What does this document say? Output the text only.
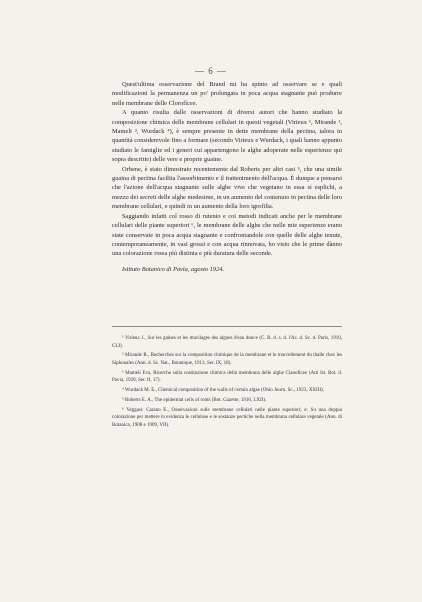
— 6 —

Quest'ultima osservazione del Brand mi ha spinto ad osservare se e quali modificazioni la permanenza un po' prolungata in poca acqua stagnante può produrre nelle membrane delle Clorofícee.

A quanto risulta dalle osservazioni di diversi autori che hanno studiato la composizione chimica delle membrane cellulari in questi vegetali (Virieux ¹, Mirande ², Mameli ³, Wurdack ⁴), è sempre presente in dette membrane della pectina, talora in quantità considerevole fino a formare (secondo Virieux e Wurdack, i quali hanno appunto studiato le famiglie ed i generi cui appartengono le alghe adoperate nelle esperienze qui sopra descritte) delle vere e proprie guaine.

Orbene, è stato dimostrato recentemente dal Roberts per altri casi ⁵, che una simile guaina di pectina facilita l'assorbimento e il trattenimento dell'acqua. È dunque a pensarsi che l'azione dell'acqua stagnante sulle alghe vive che vegetano in essa si esplichi, a mezzo dei secreti delle alghe medesime, in un aumento del contenuto in pectina delle loro membrane cellulari, e quindi in un aumento della loro igrofilia.

Saggiando infatti col rosso di rutenio e coi metodi indicati anche per le membrane cellulari delle piante superiori ⁶, le membrane delle alghe che nelle mie esperienze erano state conservate in poca acqua stagnante e confrontandole con quelle delle alghe tenute, contemporaneamente, in vasi grossi e con acqua rinnovata, ho visto che le prime dànno una colorazione rossa più distinta e più duratura delle seconde.

Istituto Botanico di Pavia, agosto 1924.

¹ Virieux J., Sur les gaines et les mucilages des algues d'eau douce (C. R. d. s. d. l'Ac. d. Sc. d. Paris, 1910, CLI).

² Mirande R., Recherches sur la composition chimique de la membrane et le morcellement du thalle chez les Siphonales (Ann. d. Sc. Nat., Botanique, 1913, Ser. IX, 18).

³ Mameli Eva, Ricerche sulla costituzione chimica della membrana delle alghe Cianoficee (Atti Ist. Bot. d. Pavia, 1920, Ser. II, 17).

⁴ Wurdack M. E., Chemical composition of the walls of certain algae (Ohio Journ. Sc., 1923, XXIII).

⁵ Roberts E. A., The epidermal cells of roots (Bot. Gazette, 1916, LXII).

⁶ Veggasi: Carano E., Osservazioni sulle membrane cellulari nelle piante superiori; e: Su una doppia colorazione per mettere in evidenza le cellulose e le sostanze pectiche nella membrana cellulare vegetale (Ann. di Botanica, 1908 e 1909, VII).
